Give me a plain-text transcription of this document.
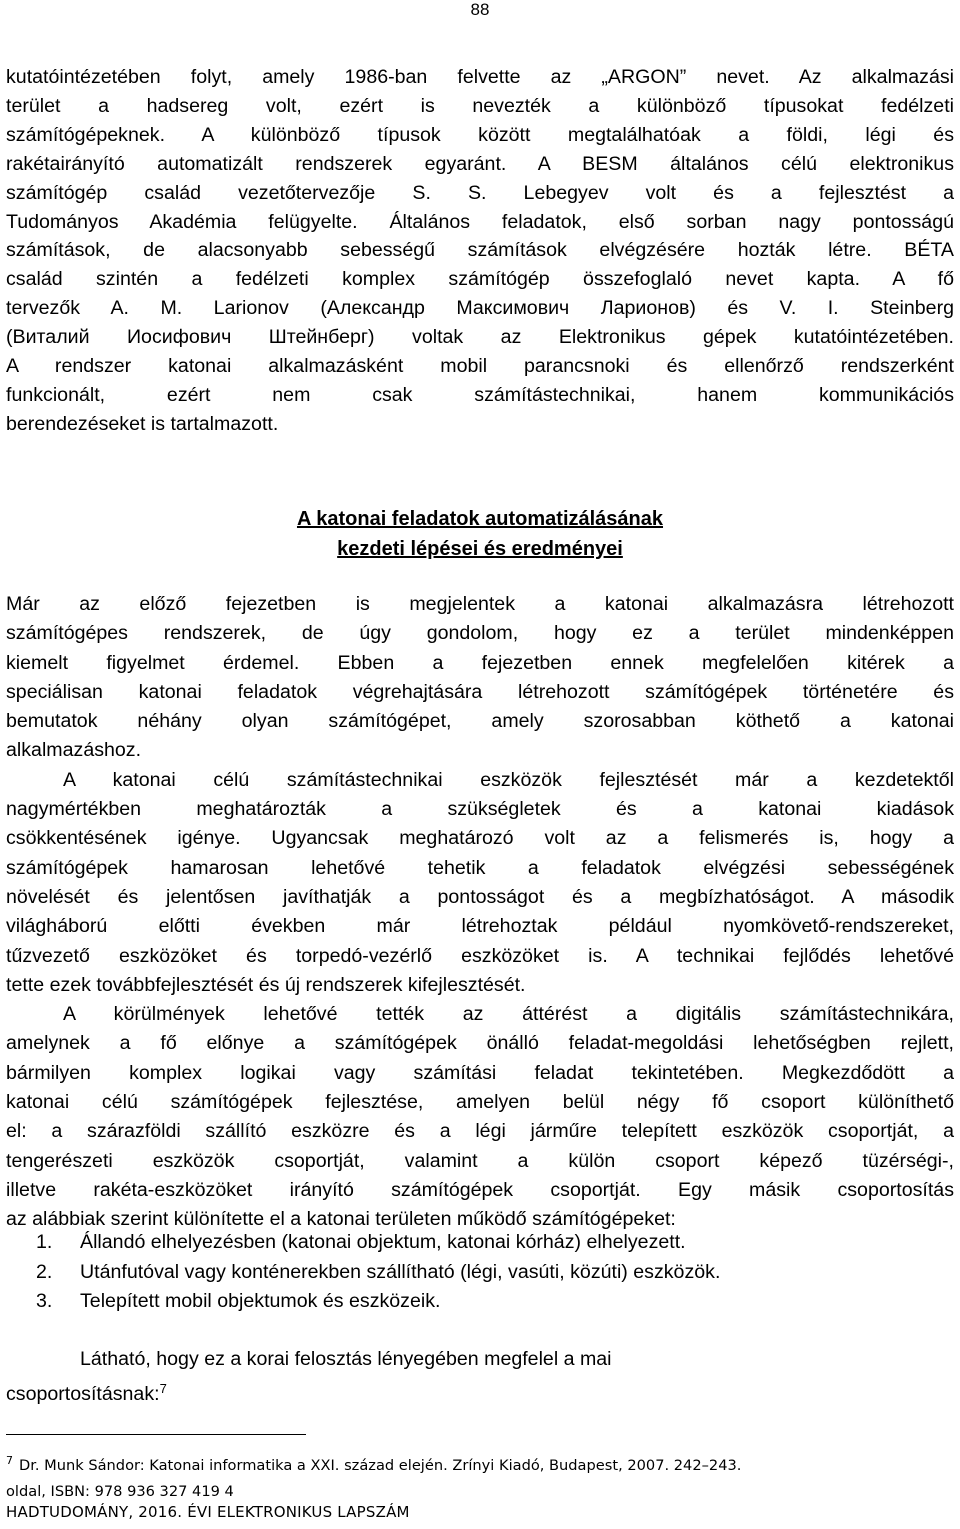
88
kutatóintézetében folyt, amely 1986-ban felvette az „ARGON” nevet. Az alkalmazási
terület a hadsereg volt, ezért is nevezték a különböző típusokat fedélzeti
számítógépeknek. A különböző típusok között megtalálhatóak a földi, légi és
rakétairányító automatizált rendszerek egyaránt. A BESM általános célú elektronikus
számítógép család vezetőtervezője S. S. Lebegyev volt és a fejlesztést a
Tudományos Akadémia felügyelte. Általános feladatok, első sorban nagy pontosságú
számítások, de alacsonyabb sebességű számítások elvégzésére hozták létre. BÉTA
család szintén a fedélzeti komplex számítógép összefoglaló nevet kapta. A fő
tervezők A. M. Larionov (Александр Максимович Ларионов) és V. I. Steinberg
(Виталий Иосифович Штейнберг) voltak az Elektronikus gépek kutatóintézetében.
A rendszer katonai alkalmazásként mobil parancsnoki és ellenőrző rendszerként
funkcionált, ezért nem csak számítástechnikai, hanem kommunikációs
berendezéseket is tartalmazott.
A katonai feladatok automatizálásának
kezdeti lépései és eredményei
Már az előző fejezetben is megjelentek a katonai alkalmazásra létrehozott
számítógépes rendszerek, de úgy gondolom, hogy ez a terület mindenképpen
kiemelt figyelmet érdemel. Ebben a fejezetben ennek megfelelően kitérek a
speciálisan katonai feladatok végrehajtására létrehozott számítógépek történetére és
bemutatok néhány olyan számítógépet, amely szorosabban köthető a katonai
alkalmazáshoz.
A katonai célú számítástechnikai eszközök fejlesztését már a kezdetektől
nagymértékben meghatározták a szükségletek és a katonai kiadások
csökkentésének igénye. Ugyancsak meghatározó volt az a felismerés is, hogy a
számítógépek hamarosan lehetővé tehetik a feladatok elvégzési sebességének
növelését és jelentősen javíthatják a pontosságot és a megbízhatóságot. A második
világháború előtti években már létrehoztak például nyomkövető-rendszereket,
tűzvezető eszközöket és torpedó-vezérlő eszközöket is. A technikai fejlődés lehetővé
tette ezek továbbfejlesztését és új rendszerek kifejlesztését.
A körülmények lehetővé tették az áttérést a digitális számítástechnikára,
amelynek a fő előnye a számítógépek önálló feladat-megoldási lehetőségben rejlett,
bármilyen komplex logikai vagy számítási feladat tekintetében. Megkezdődött a
katonai célú számítógépek fejlesztése, amelyen belül négy fő csoport különíthető
el: a szárazföldi szállító eszközre és a légi járműre telepített eszközök csoportját, a
tengerészeti eszközök csoportját, valamint a külön csoport képező tüzérségi-,
illetve rakéta-eszközöket irányító számítógépek csoportját. Egy másik csoportosítás
az alábbiak szerint különítette el a katonai területen működő számítógépeket:
1.	Állandó elhelyezésben (katonai objektum, katonai kórház) elhelyezett.
2.	Utánfutóval vagy konténerekben szállítható (légi, vasúti, közúti) eszközök.
3.	Telepített mobil objektumok és eszközeik.
Látható, hogy ez a korai felosztás lényegében megfelel a mai
csoportosításnak:$^7$
$^7$ Dr. Munk Sándor: Katonai informatika a XXI. század elején. Zrínyi Kiadó, Budapest, 2007. 242–243.
oldal, ISBN: 978 936 327 419 4
HADTUDOMÁNY, 2016. ÉVI ELEKTRONIKUS LAPSZÁM
